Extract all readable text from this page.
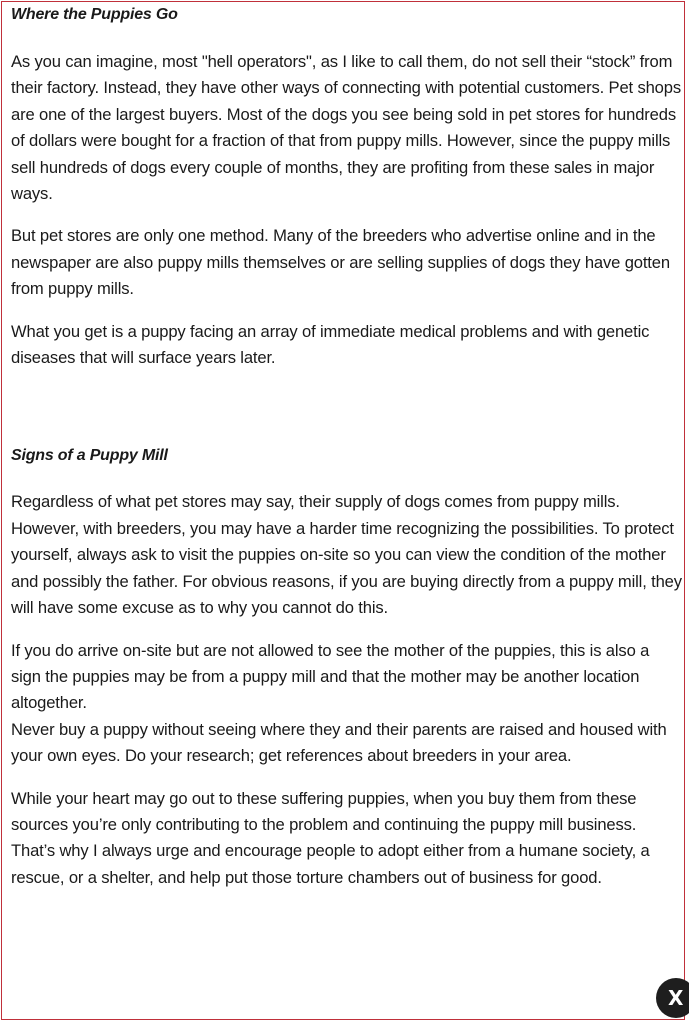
Where the Puppies Go

As you can imagine, most "hell operators", as I like to call them, do not sell their “stock” from their factory. Instead, they have other ways of connecting with potential customers. Pet shops are one of the largest buyers. Most of the dogs you see being sold in pet stores for hundreds of dollars were bought for a fraction of that from puppy mills. However, since the puppy mills sell hundreds of dogs every couple of months, they are profiting from these sales in major ways.

But pet stores are only one method. Many of the breeders who advertise online and in the newspaper are also puppy mills themselves or are selling supplies of dogs they have gotten from puppy mills.

What you get is a puppy facing an array of immediate medical problems and with genetic diseases that will surface years later.

Signs of a Puppy Mill

Regardless of what pet stores may say, their supply of dogs comes from puppy mills. However, with breeders, you may have a harder time recognizing the possibilities. To protect yourself, always ask to visit the puppies on-site so you can view the condition of the mother and possibly the father. For obvious reasons, if you are buying directly from a puppy mill, they will have some excuse as to why you cannot do this.

If you do arrive on-site but are not allowed to see the mother of the puppies, this is also a sign the puppies may be from a puppy mill and that the mother may be another location altogether.

Never buy a puppy without seeing where they and their parents are raised and housed with your own eyes. Do your research; get references about breeders in your area.

While your heart may go out to these suffering puppies, when you buy them from these sources you’re only contributing to the problem and continuing the puppy mill business. That’s why I always urge and encourage people to adopt either from a humane society, a rescue, or a shelter, and help put those torture chambers out of business for good.

X
